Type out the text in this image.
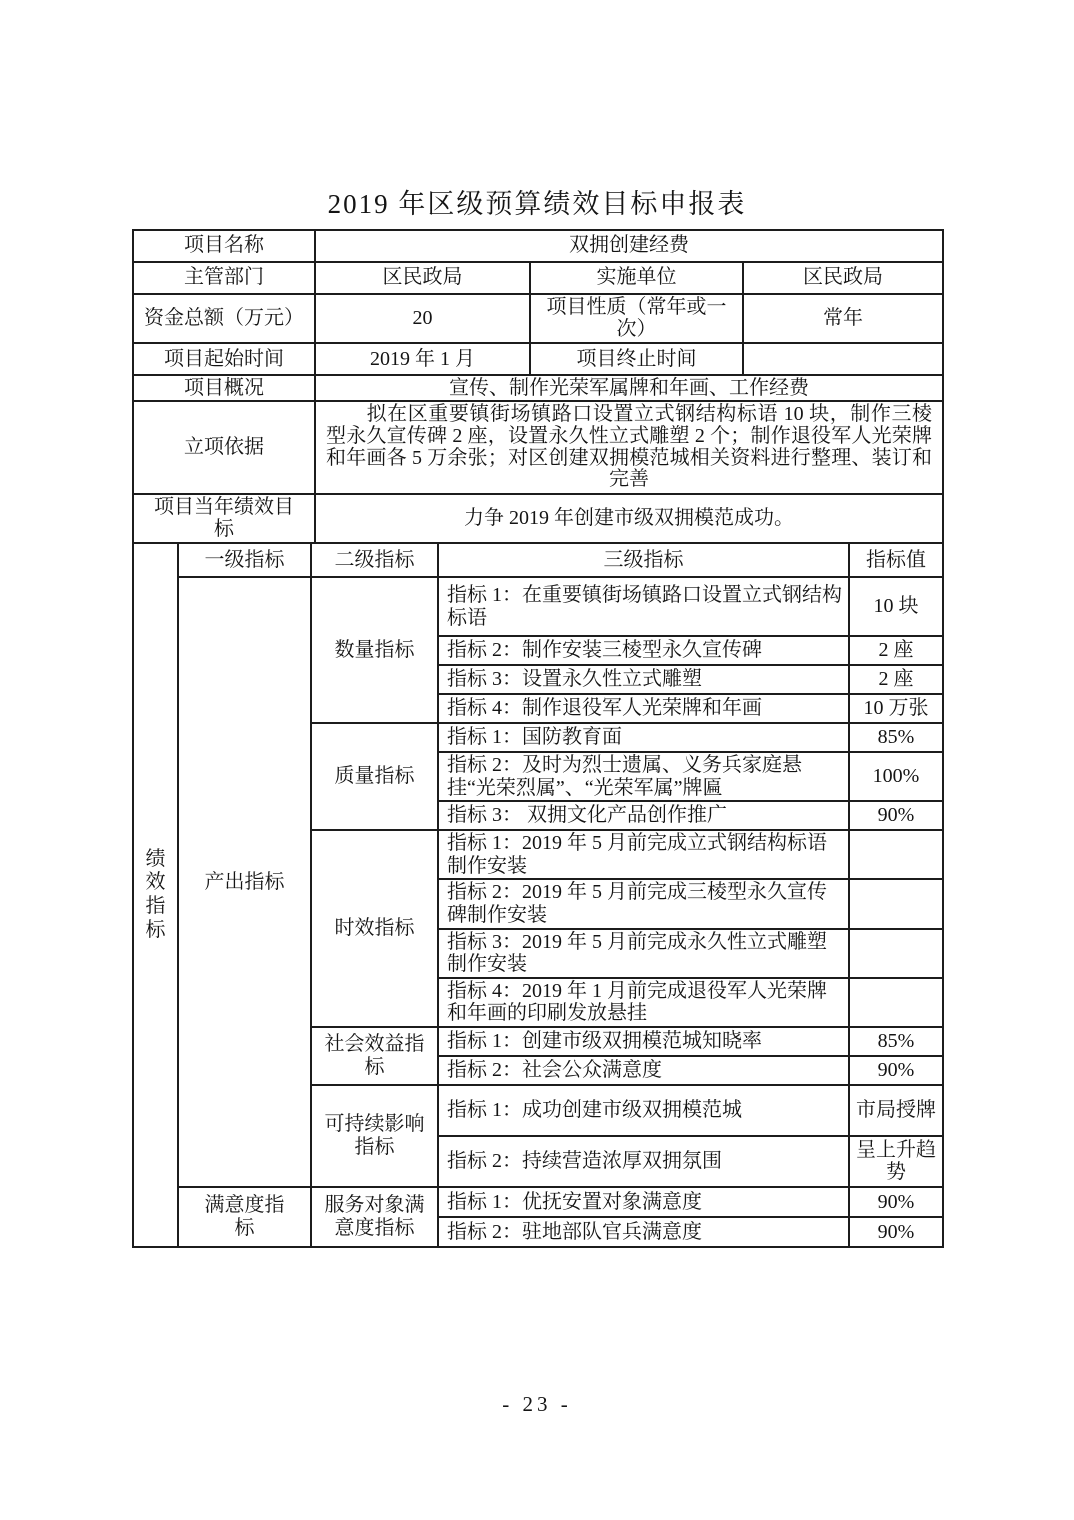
2019 年区级预算绩效目标申报表
项目名称	双拥创建经费		
主管部门	区民政局	实施单位	区民政局
资金总额（万元）	20	项目性质（常年或一次）	常年
项目起始时间	2019 年 1 月	项目终止时间	
项目概况	宣传、制作光荣军属牌和年画、工作经费		
立项依据	拟在区重要镇街场镇路口设置立式钢结构标语 10 块，制作三棱型永久宣传碑 2 座，设置永久性立式雕塑 2 个；制作退役军人光荣牌和年画各 5 万余张；对区创建双拥模范城相关资料进行整理、装订和完善		
项目当年绩效目标	力争 2019 年创建市级双拥模范成功。		
绩效指标	一级指标	二级指标	三级指标	指标值
	产出指标	数量指标	指标 1：在重要镇街场镇路口设置立式钢结构标语	10 块
			指标 2：制作安装三棱型永久宣传碑	2 座
			指标 3：设置永久性立式雕塑	2 座
			指标 4：制作退役军人光荣牌和年画	10 万张
		质量指标	指标 1：国防教育面	85%
			指标 2：及时为烈士遗属、义务兵家庭悬挂“光荣烈属”、“光荣军属”牌匾	100%
			指标 3： 双拥文化产品创作推广	90%
		时效指标	指标 1：2019 年 5 月前完成立式钢结构标语制作安装	
			指标 2：2019 年 5 月前完成三棱型永久宣传碑制作安装	
			指标 3：2019 年 5 月前完成永久性立式雕塑制作安装	
			指标 4：2019 年 1 月前完成退役军人光荣牌和年画的印刷发放悬挂	
		社会效益指标	指标 1：创建市级双拥模范城知晓率	85%
			指标 2：社会公众满意度	90%
		可持续影响指标	指标 1：成功创建市级双拥模范城	市局授牌
			指标 2：持续营造浓厚双拥氛围	呈上升趋势
	满意度指标	服务对象满意度指标	指标 1：优抚安置对象满意度	90%
			指标 2：驻地部队官兵满意度	90%
- 23 -
